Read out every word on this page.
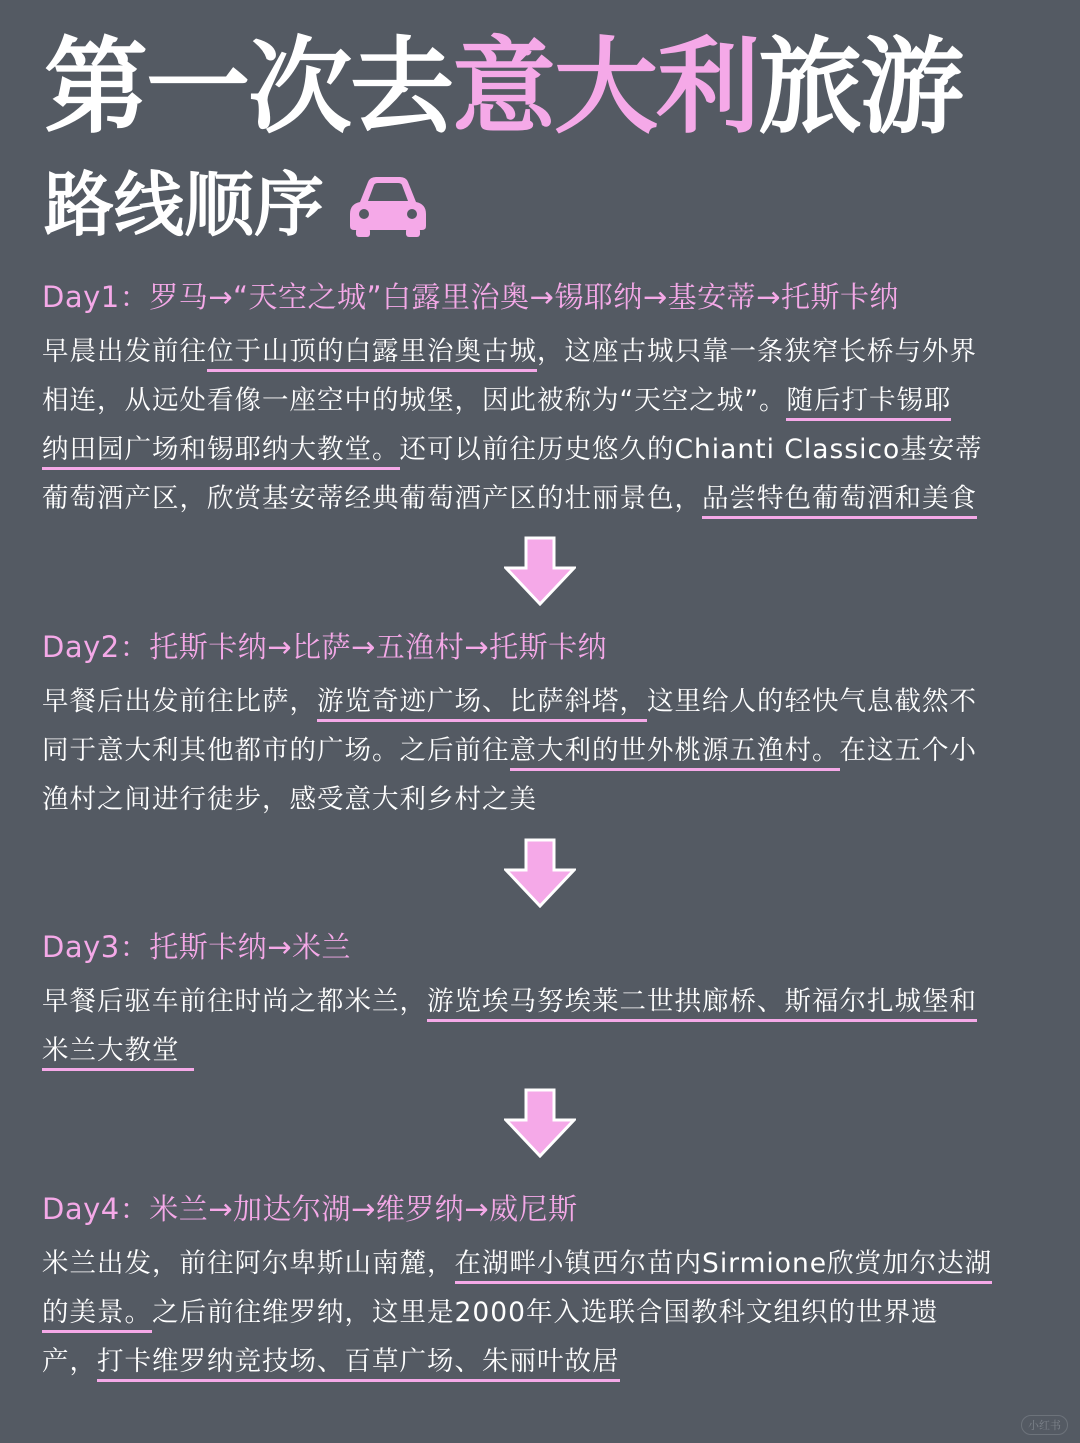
第一次去意大利旅游
路线顺序
Day1：罗马→“天空之城”白露里治奥→锡耶纳→基安蒂→托斯卡纳
早晨出发前往位于山顶的白露里治奥古城，这座古城只靠一条狭窄长桥与外界
相连，从远处看像一座空中的城堡，因此被称为“天空之城”。随后打卡锡耶
纳田园广场和锡耶纳大教堂。还可以前往历史悠久的Chianti Classico基安蒂
葡萄酒产区，欣赏基安蒂经典葡萄酒产区的壮丽景色，品尝特色葡萄酒和美食
Day2：托斯卡纳→比萨→五渔村→托斯卡纳
早餐后出发前往比萨，游览奇迹广场、比萨斜塔，这里给人的轻快气息截然不
同于意大利其他都市的广场。之后前往意大利的世外桃源五渔村。在这五个小
渔村之间进行徒步，感受意大利乡村之美
Day3：托斯卡纳→米兰
早餐后驱车前往时尚之都米兰，游览埃马努埃莱二世拱廊桥、斯福尔扎城堡和
米兰大教堂
Day4：米兰→加达尔湖→维罗纳→威尼斯
米兰出发，前往阿尔卑斯山南麓，在湖畔小镇西尔苗内Sirmione欣赏加尔达湖
的美景。之后前往维罗纳，这里是2000年入选联合国教科文组织的世界遗
产，打卡维罗纳竞技场、百草广场、朱丽叶故居
小红书
